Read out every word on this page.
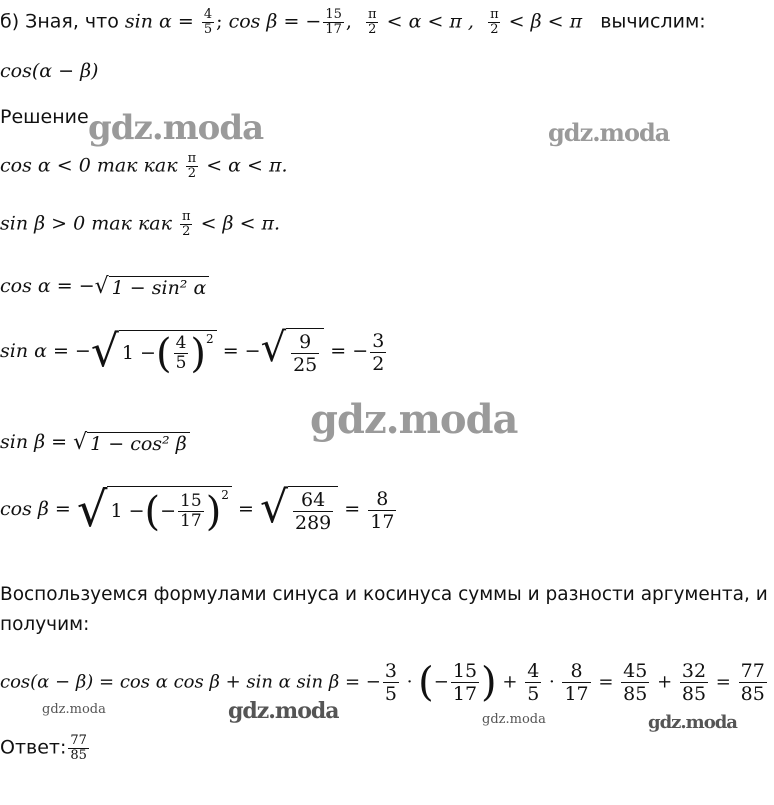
б) Зная, что $\sin \alpha = \frac{4}{5}$ ; cos β = − $\frac{15}{17}$ , $\frac{\pi}{2} < \alpha < \pi$ , $\frac{\pi}{2} < \beta < \pi$ вычислим:
cos(α − β)
Решение
cos α < 0 так как $\frac{\pi}{2} < \alpha < \pi$.
sin β > 0 так как $\frac{\pi}{2} < \beta < \pi$.
cos α = − √ 1 − sin² α
sin α = − √ 1 − ( $\frac{4}{5}$ ) 2
= − √ $\frac{9}{25}$ = − $\frac{3}{2}$
sin β = √ 1 − cos² β
cos β = √ 1 − ( − $\frac{15}{17}$ ) 2
= √ $\frac{64}{289} = \frac{8}{17}$
Воспользуемся формулами синуса и косинуса суммы и разности аргумента, и
получим:
cos(α − β) = cos α cos β + sin α sin β = − $\frac{3}{5}$ · (− $\frac{15}{17}$ ) + $\frac{4}{5} \cdot \frac{8}{17} = \frac{45}{85} + \frac{32}{85} = \frac{77}{85}$
Ответ: $\frac{77}{85}$
gdz.moda	gdz.moda
gdz.moda
gdz.moda	gdz.moda	gdz.moda	gdz.moda
